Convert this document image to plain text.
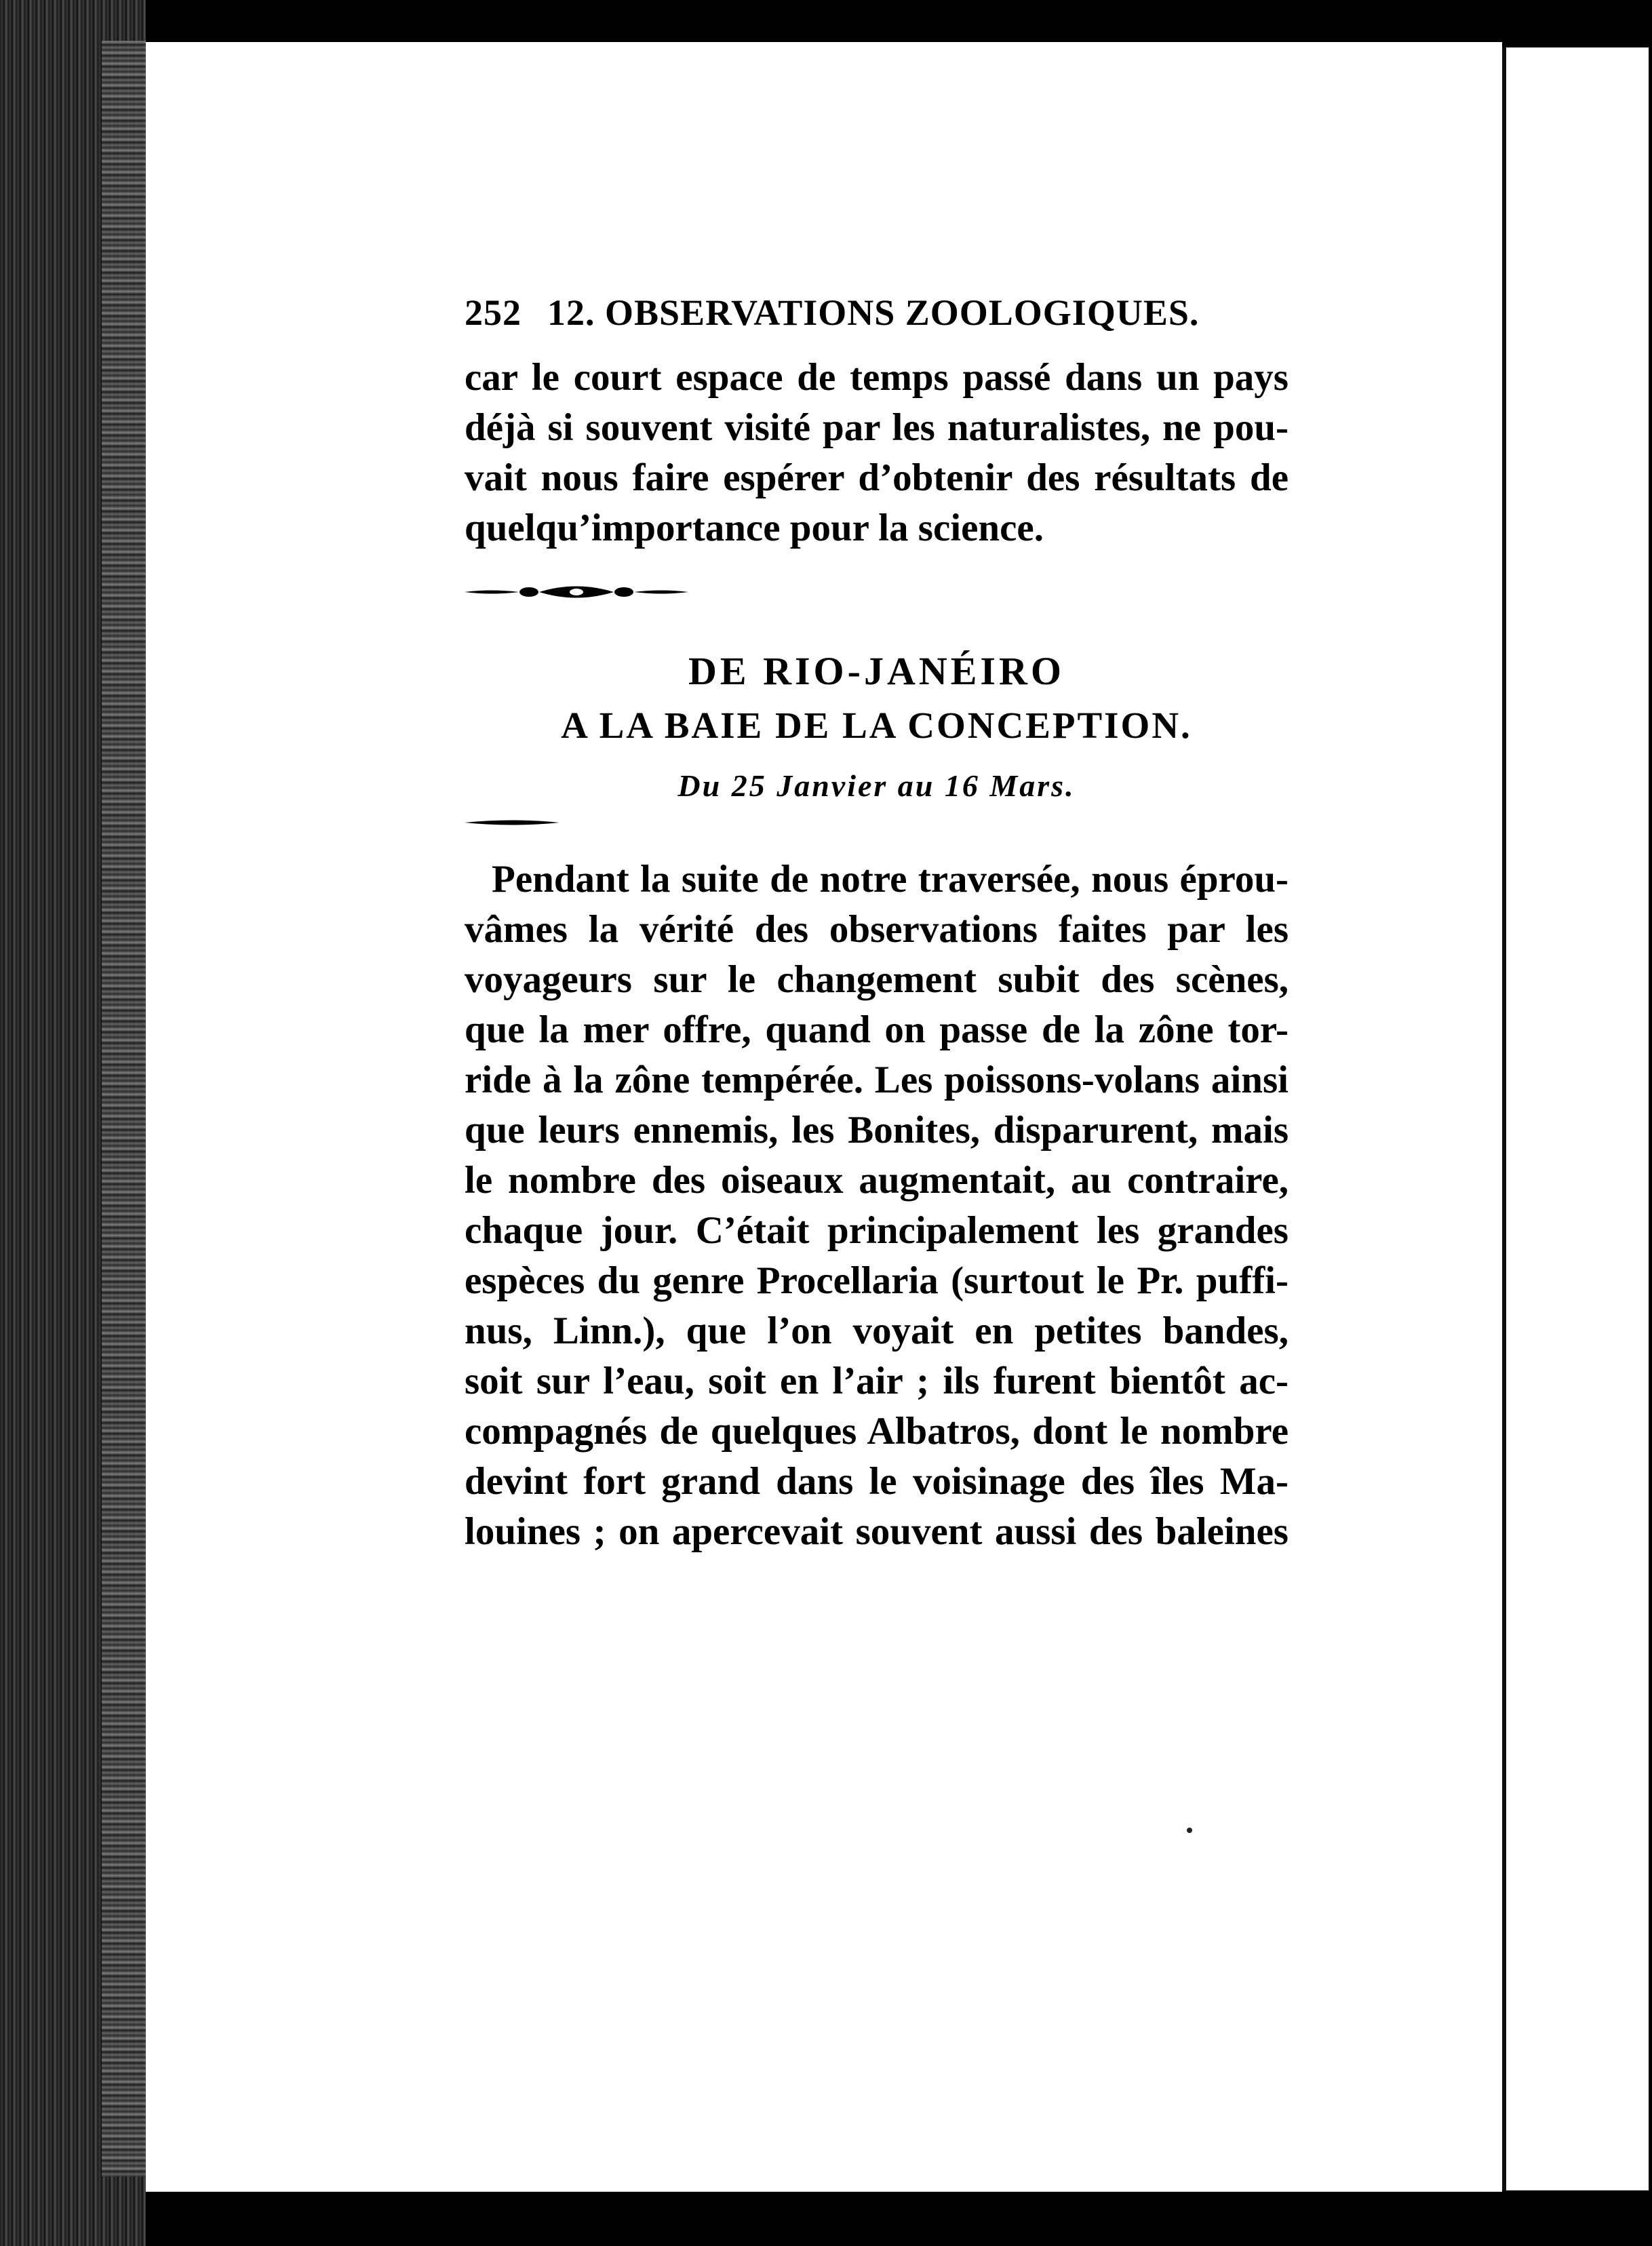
252 12. OBSERVATIONS ZOOLOGIQUES.
car le court espace de temps passé dans un pays
déjà si souvent visité par les naturalistes, ne pou-
vait nous faire espérer d’obtenir des résultats de
quelqu’importance pour la science.
DE RIO-JANÉIRO
A LA BAIE DE LA CONCEPTION.
Du 25 Janvier au 16 Mars.
Pendant la suite de notre traversée, nous éprou-
vâmes la vérité des observations faites par les
voyageurs sur le changement subit des scènes,
que la mer offre, quand on passe de la zône tor-
ride à la zône tempérée. Les poissons-volans ainsi
que leurs ennemis, les Bonites, disparurent, mais
le nombre des oiseaux augmentait, au contraire,
chaque jour. C’était principalement les grandes
espèces du genre Procellaria (surtout le Pr. puffi-
nus, Linn.), que l’on voyait en petites bandes,
soit sur l’eau, soit en l’air ; ils furent bientôt ac-
compagnés de quelques Albatros, dont le nombre
devint fort grand dans le voisinage des îles Ma-
louines ; on apercevait souvent aussi des baleines
